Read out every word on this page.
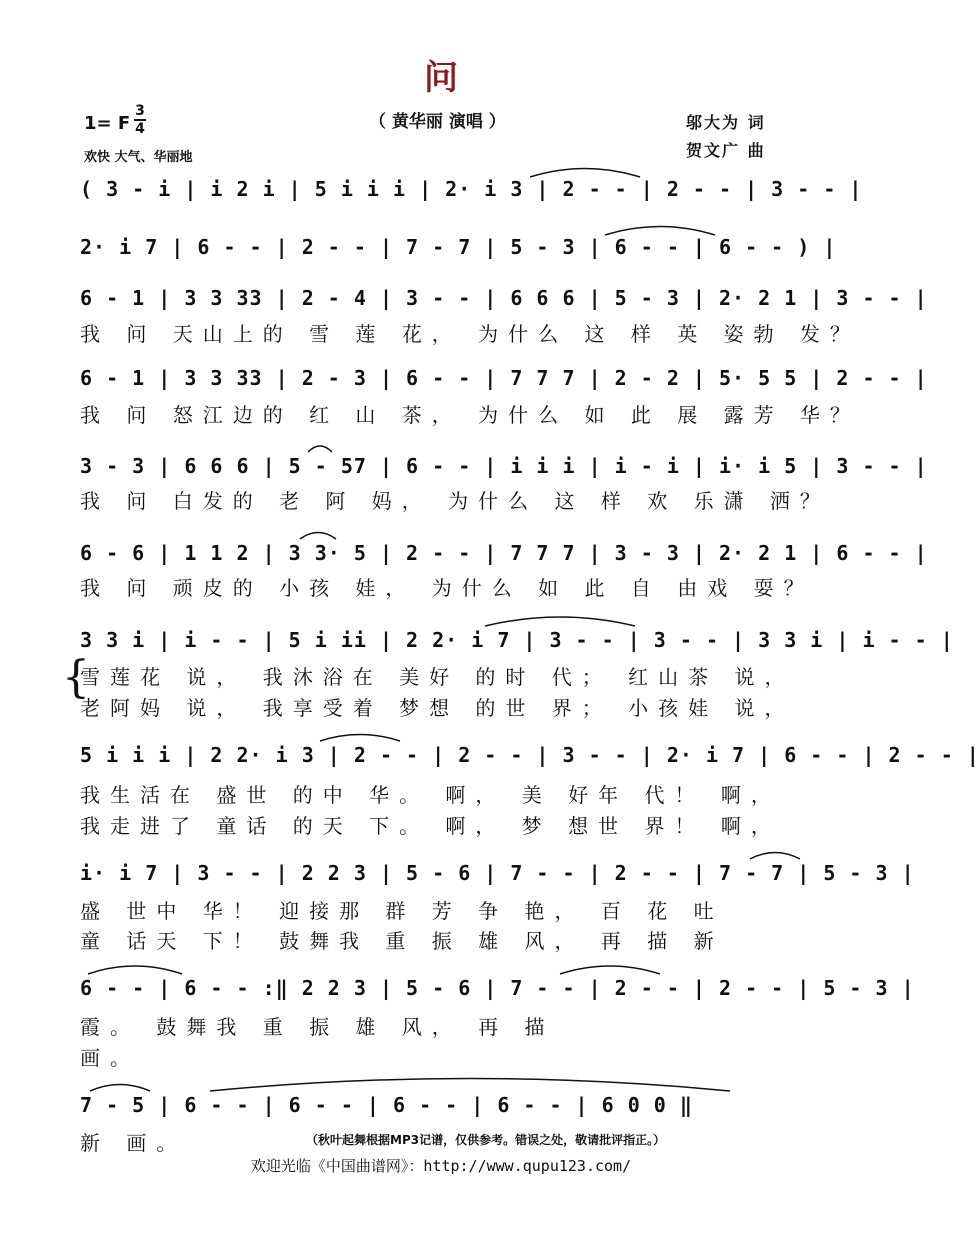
问
1= F
3
4
欢快 大气、华丽地
（ 黄华丽 演唱 ）	邬大为 词
贺文广 曲
( 3 - i | i 2 i | 5 i i i | 2· i 3 | 2 - - | 2 - - | 3 - - |
2· i 7 | 6 - - | 2 - - | 7 - 7 | 5 - 3 | 6 - - | 6 - - ) |
6 - 1 | 3 3 33 | 2 - 4 | 3 - - | 6 6 6 | 5 - 3 | 2· 2 1 | 3 - - |
我 问 天山上的 雪 莲 花， 为什么 这 样 英 姿勃 发？
6 - 1 | 3 3 33 | 2 - 3 | 6 - - | 7 7 7 | 2 - 2 | 5· 5 5 | 2 - - |
我 问 怒江边的 红 山 茶， 为什么 如 此 展 露芳 华？
3 - 3 | 6 6 6 | 5 - 57 | 6 - - | i i i | i - i | i· i 5 | 3 - - |
我 问 白发的 老 阿 妈， 为什么 这 样 欢 乐潇 洒？
6 - 6 | 1 1 2 | 3 3· 5 | 2 - - | 7 7 7 | 3 - 3 | 2· 2 1 | 6 - - |
我 问 顽皮的 小孩 娃， 为什么 如 此 自 由戏 耍？
3 3 i | i - - | 5 i ii | 2 2· i 7 | 3 - - | 3 - - | 3 3 i | i - - |
{
雪莲花 说， 我沐浴在 美好 的时 代； 红山茶 说，
老阿妈 说， 我享受着 梦想 的世 界； 小孩娃 说，
5 i i i | 2 2· i 3 | 2 - - | 2 - - | 3 - - | 2· i 7 | 6 - - | 2 - - |
我生活在 盛世 的中 华。 啊， 美 好年 代！ 啊，
我走进了 童话 的天 下。 啊， 梦 想世 界！ 啊，
i· i 7 | 3 - - | 2 2 3 | 5 - 6 | 7 - - | 2 - - | 7 - 7 | 5 - 3 |
盛 世中 华！ 迎接那 群 芳 争 艳， 百 花 吐
童 话天 下！ 鼓舞我 重 振 雄 风， 再 描 新
6 - - | 6 - - :‖ 2 2 3 | 5 - 6 | 7 - - | 2 - - | 2 - - | 5 - 3 |
霞。 鼓舞我 重 振 雄 风， 再 描
画。
7 - 5 | 6 - - | 6 - - | 6 - - | 6 - - | 6 0 0 ‖
新 画。	（秋叶起舞根据MP3记谱，仅供参考。错误之处，敬请批评指正。）
欢迎光临《中国曲谱网》：http://www.qupu123.com/
